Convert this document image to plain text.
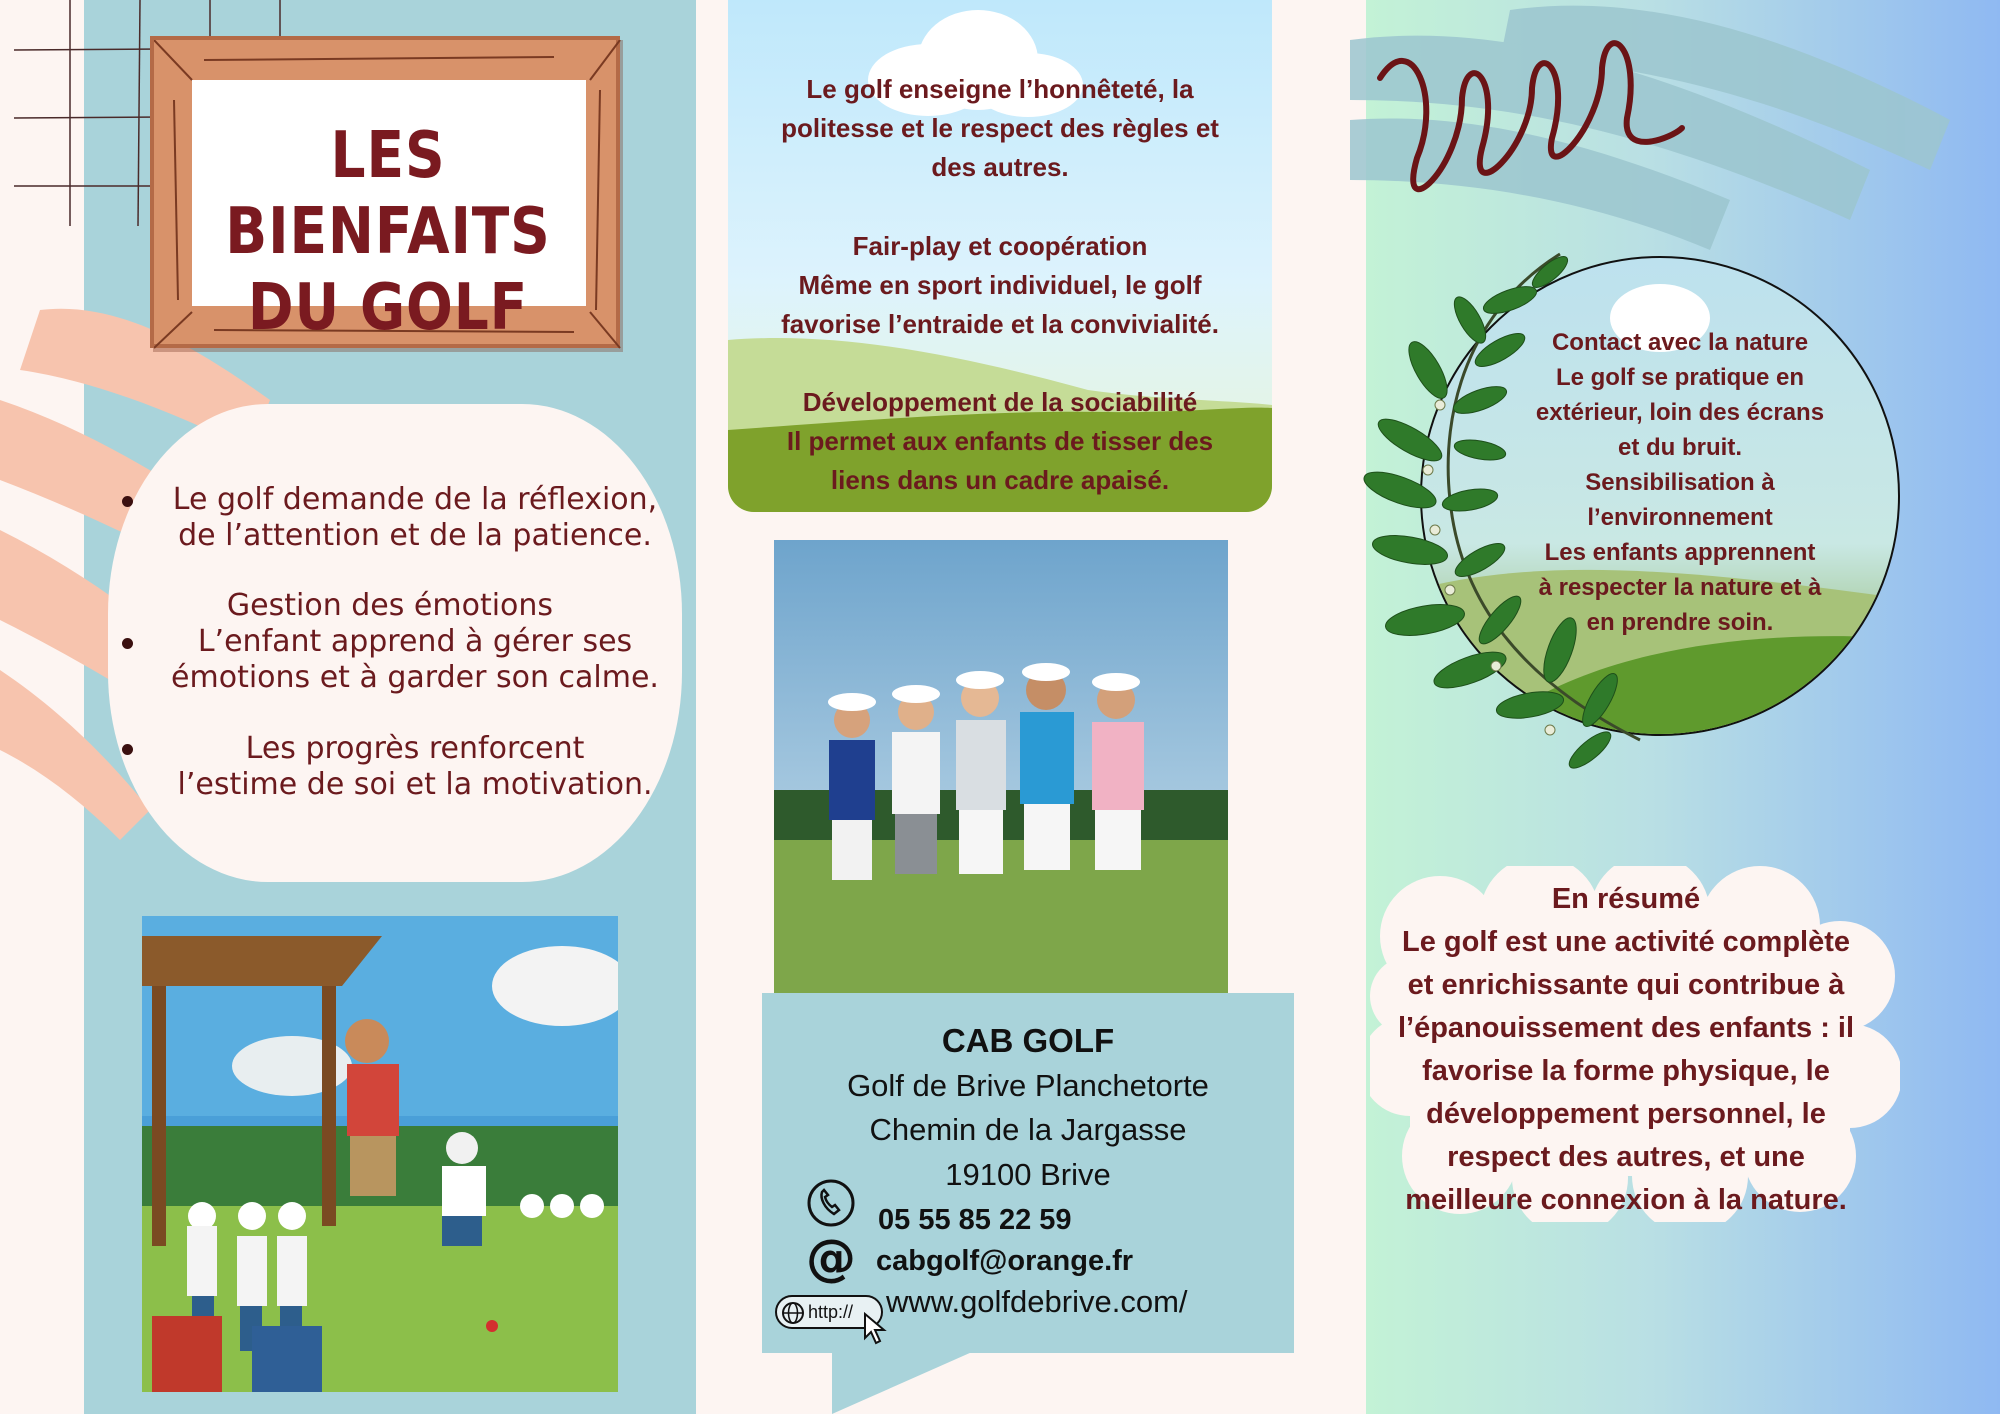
LES BIENFAITS
DU GOLF
Le golf demande de la réflexion,
de l’attention et de la patience.
Gestion des émotions
L’enfant apprend à gérer ses
émotions et à garder son calme.
Les progrès renforcent
l’estime de soi et la motivation.
Le golf enseigne l’honnêteté, la
politesse et le respect des règles et
des autres.
Fair-play et coopération
Même en sport individuel, le golf
favorise l’entraide et la convivialité.
Développement de la sociabilité
Il permet aux enfants de tisser des
liens dans un cadre apaisé.
CAB GOLF
Golf de Brive Planchetorte
Chemin de la Jargasse
19100 Brive
05 55 85 22 59
@ cabgolf@orange.fr
http:// www.golfdebrive.com/
Contact avec la nature
Le golf se pratique en
extérieur, loin des écrans
et du bruit.
Sensibilisation à
l’environnement
Les enfants apprennent
à respecter la nature et à
en prendre soin.
En résumé
Le golf est une activité complète
et enrichissante qui contribue à
l’épanouissement des enfants : il
favorise la forme physique, le
développement personnel, le
respect des autres, et une
meilleure connexion à la nature.
